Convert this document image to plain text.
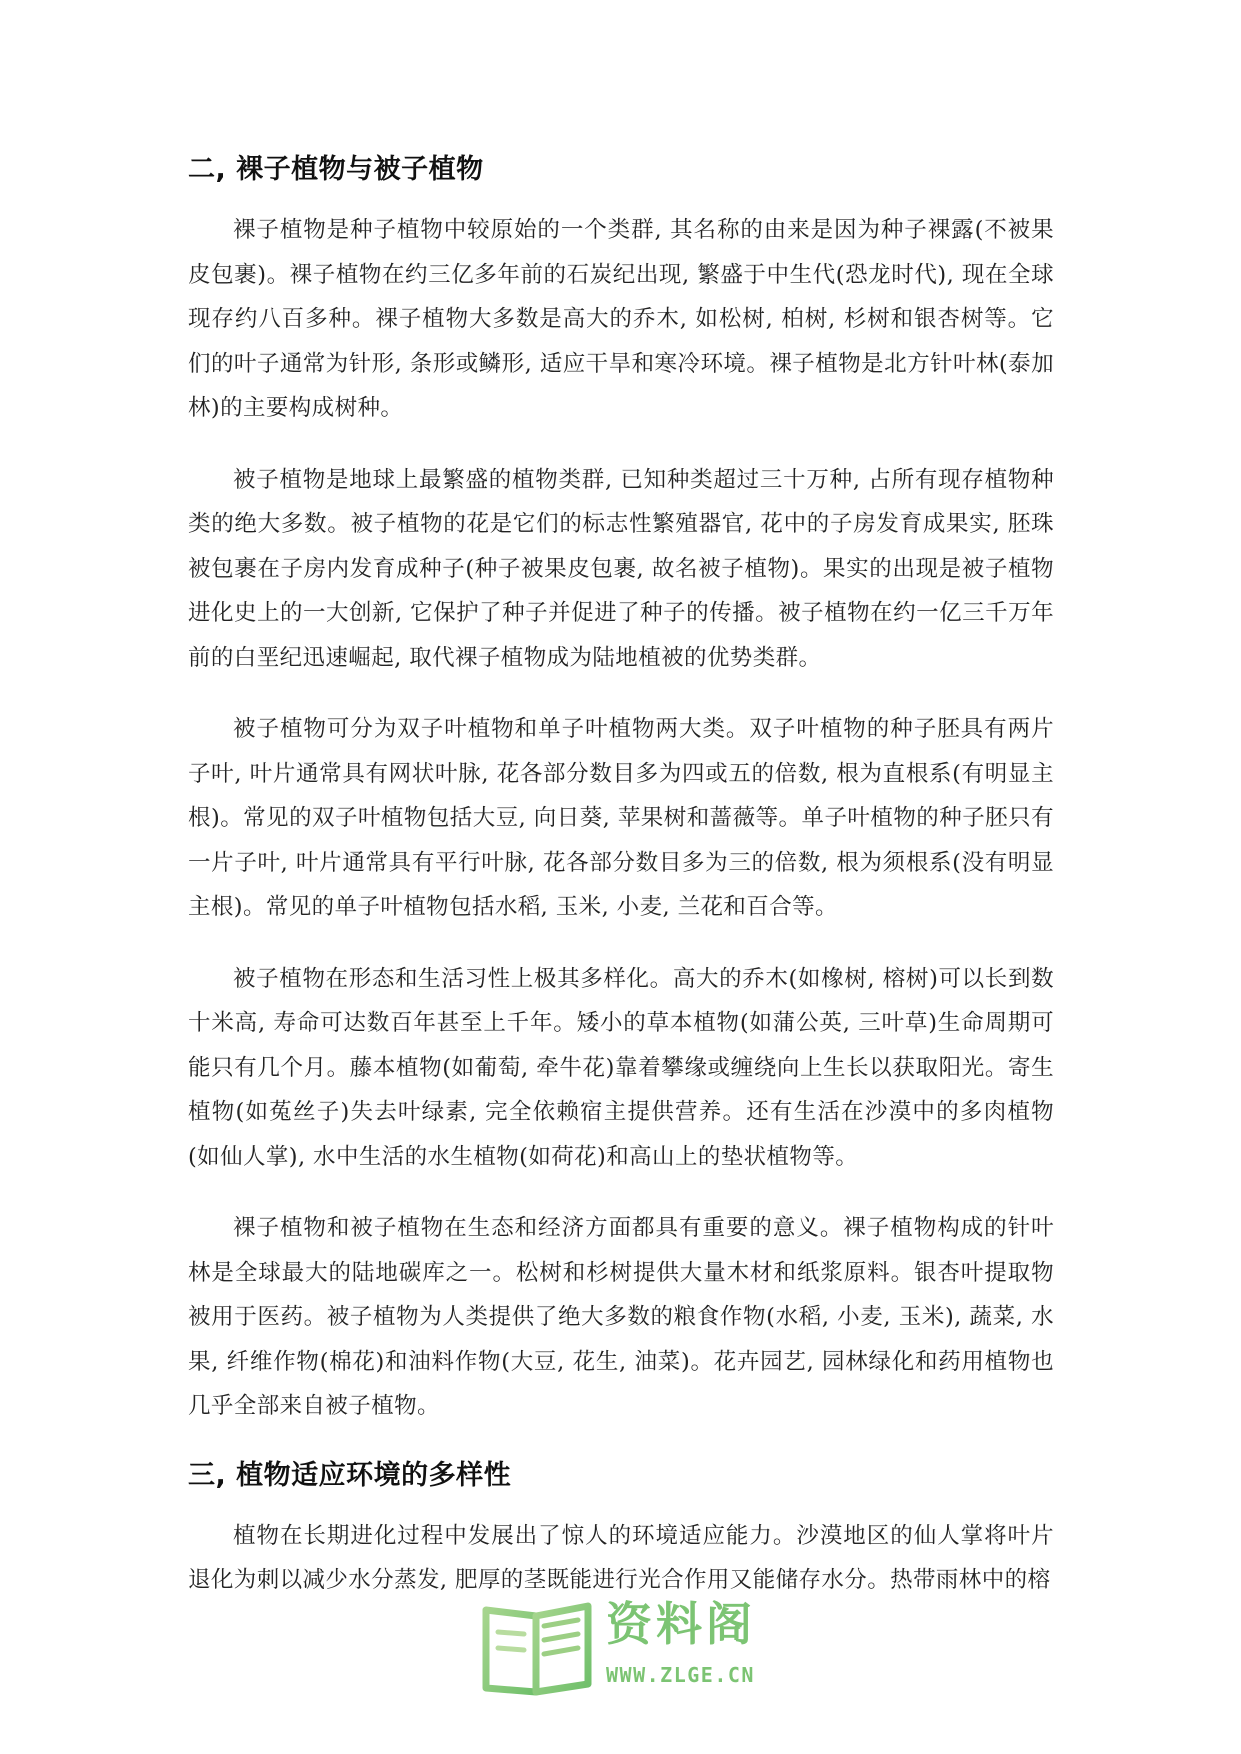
二, 裸子植物与被子植物

裸子植物是种子植物中较原始的一个类群, 其名称的由来是因为种子裸露(不被果皮包裹)。裸子植物在约三亿多年前的石炭纪出现, 繁盛于中生代(恐龙时代), 现在全球现存约八百多种。裸子植物大多数是高大的乔木, 如松树, 柏树, 杉树和银杏树等。它们的叶子通常为针形, 条形或鳞形, 适应干旱和寒冷环境。裸子植物是北方针叶林(泰加林)的主要构成树种。

被子植物是地球上最繁盛的植物类群, 已知种类超过三十万种, 占所有现存植物种类的绝大多数。被子植物的花是它们的标志性繁殖器官, 花中的子房发育成果实, 胚珠被包裹在子房内发育成种子(种子被果皮包裹, 故名被子植物)。果实的出现是被子植物进化史上的一大创新, 它保护了种子并促进了种子的传播。被子植物在约一亿三千万年前的白垩纪迅速崛起, 取代裸子植物成为陆地植被的优势类群。

被子植物可分为双子叶植物和单子叶植物两大类。双子叶植物的种子胚具有两片子叶, 叶片通常具有网状叶脉, 花各部分数目多为四或五的倍数, 根为直根系(有明显主根)。常见的双子叶植物包括大豆, 向日葵, 苹果树和蔷薇等。单子叶植物的种子胚只有一片子叶, 叶片通常具有平行叶脉, 花各部分数目多为三的倍数, 根为须根系(没有明显主根)。常见的单子叶植物包括水稻, 玉米, 小麦, 兰花和百合等。

被子植物在形态和生活习性上极其多样化。高大的乔木(如橡树, 榕树)可以长到数十米高, 寿命可达数百年甚至上千年。矮小的草本植物(如蒲公英, 三叶草)生命周期可能只有几个月。藤本植物(如葡萄, 牵牛花)靠着攀缘或缠绕向上生长以获取阳光。寄生植物(如菟丝子)失去叶绿素, 完全依赖宿主提供营养。还有生活在沙漠中的多肉植物(如仙人掌), 水中生活的水生植物(如荷花)和高山上的垫状植物等。

裸子植物和被子植物在生态和经济方面都具有重要的意义。裸子植物构成的针叶林是全球最大的陆地碳库之一。松树和杉树提供大量木材和纸浆原料。银杏叶提取物被用于医药。被子植物为人类提供了绝大多数的粮食作物(水稻, 小麦, 玉米), 蔬菜, 水果, 纤维作物(棉花)和油料作物(大豆, 花生, 油菜)。花卉园艺, 园林绿化和药用植物也几乎全部来自被子植物。

三, 植物适应环境的多样性

植物在长期进化过程中发展出了惊人的环境适应能力。沙漠地区的仙人掌将叶片退化为刺以减少水分蒸发, 肥厚的茎既能进行光合作用又能储存水分。热带雨林中的榕

资料阁
WWW.ZLGE.CN
